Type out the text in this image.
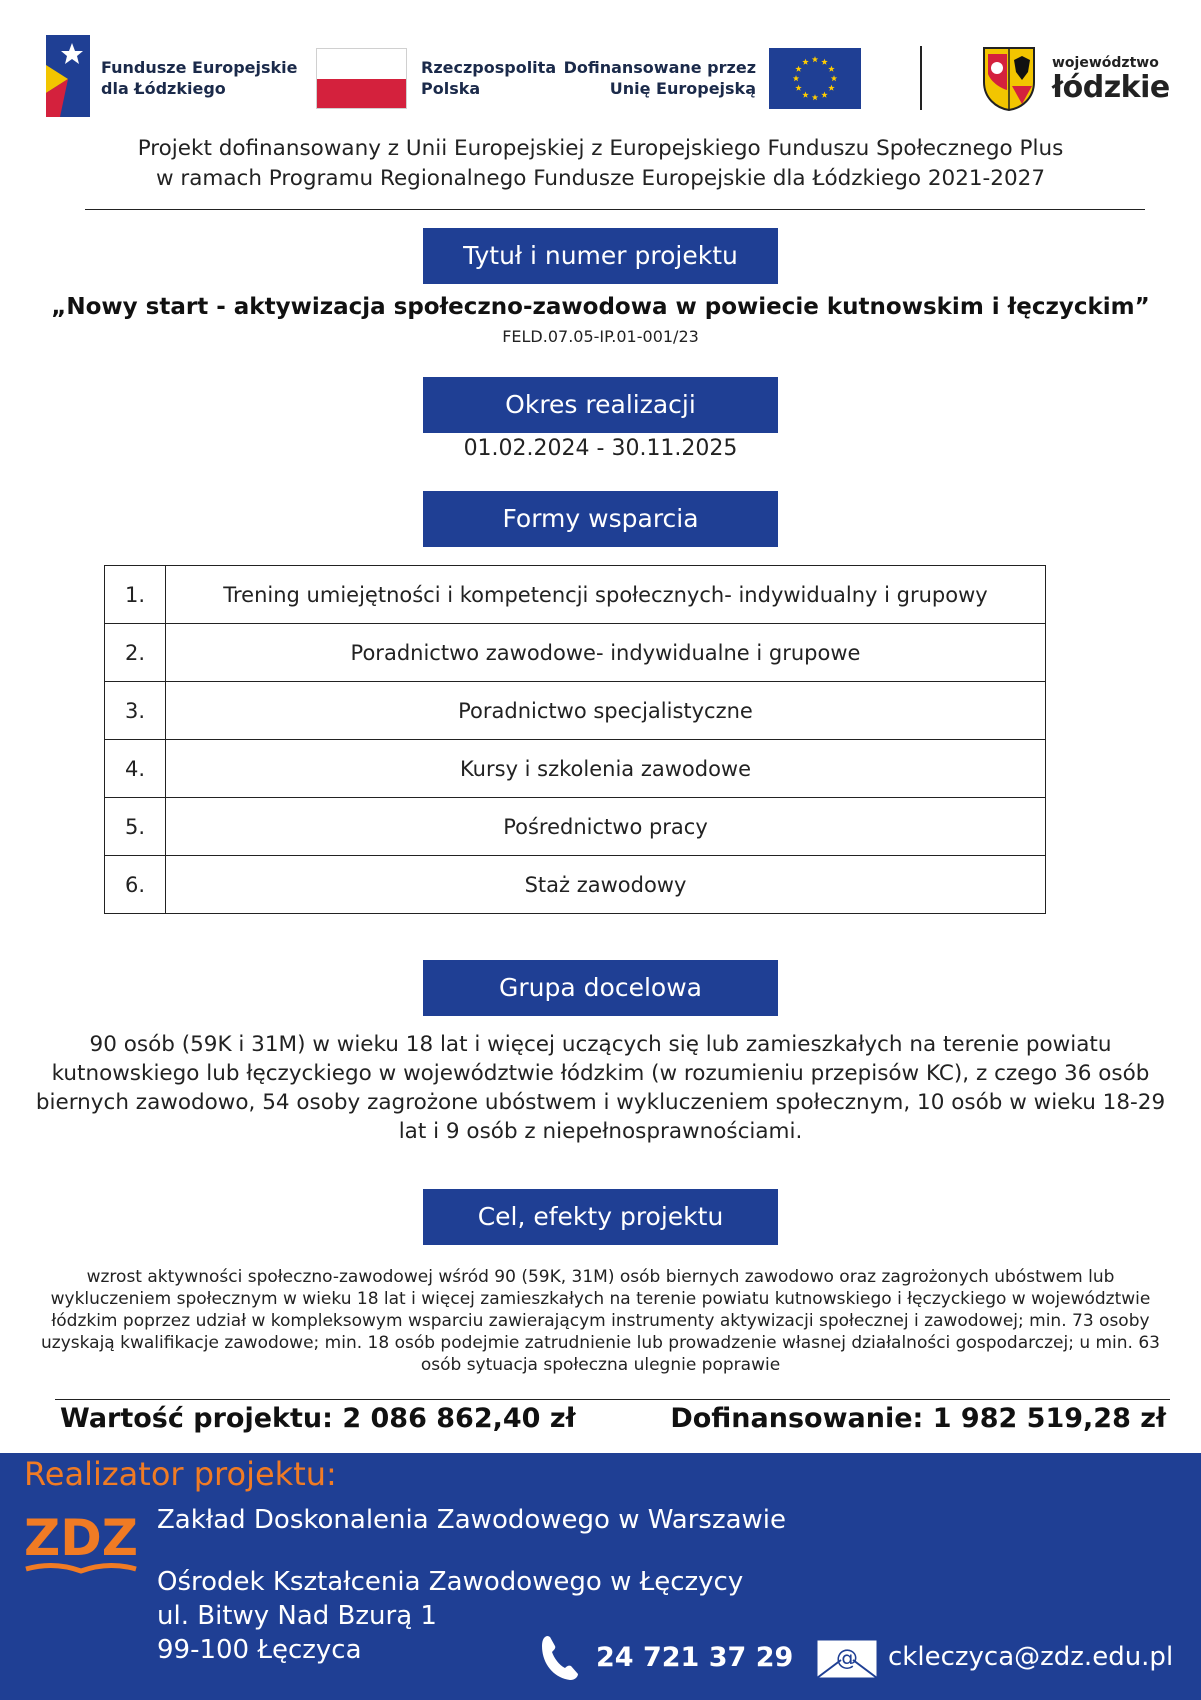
Fundusze Europejskie
dla Łódzkiego
Rzeczpospolita
Polska
Dofinansowane przez
Unię Europejską
województwo
łódzkie
Projekt dofinansowany z Unii Europejskiej z Europejskiego Funduszu Społecznego Plus
w ramach Programu Regionalnego Fundusze Europejskie dla Łódzkiego 2021-2027
Tytuł i numer projektu
„Nowy start - aktywizacja społeczno-zawodowa w powiecie kutnowskim i łęczyckim”
FELD.07.05-IP.01-001/23
Okres realizacji
01.02.2024 - 30.11.2025
Formy wsparcia
1.	Trening umiejętności i kompetencji społecznych- indywidualny i grupowy
2.	Poradnictwo zawodowe- indywidualne i grupowe
3.	Poradnictwo specjalistyczne
4.	Kursy i szkolenia zawodowe
5.	Pośrednictwo pracy
6.	Staż zawodowy
Grupa docelowa
90 osób (59K i 31M) w wieku 18 lat i więcej uczących się lub zamieszkałych na terenie powiatu kutnowskiego lub łęczyckiego w województwie łódzkim (w rozumieniu przepisów KC), z czego 36 osób biernych zawodowo, 54 osoby zagrożone ubóstwem i wykluczeniem społecznym, 10 osób w wieku 18-29 lat i 9 osób z niepełnosprawnościami.
Cel, efekty projektu
wzrost aktywności społeczno-zawodowej wśród 90 (59K, 31M) osób biernych zawodowo oraz zagrożonych ubóstwem lub wykluczeniem społecznym w wieku 18 lat i więcej zamieszkałych na terenie powiatu kutnowskiego i łęczyckiego w województwie łódzkim poprzez udział w kompleksowym wsparciu zawierającym instrumenty aktywizacji społecznej i zawodowej; min. 73 osoby uzyskają kwalifikacje zawodowe; min. 18 osób podejmie zatrudnienie lub prowadzenie własnej działalności gospodarczej; u min. 63 osób sytuacja społeczna ulegnie poprawie
Wartość projektu: 2 086 862,40 zł	Dofinansowanie: 1 982 519,28 zł
Realizator projektu:
ZDZ Zakład Doskonalenia Zawodowego w Warszawie
Ośrodek Kształcenia Zawodowego w Łęczycy
ul. Bitwy Nad Bzurą 1
99-100 Łęczyca	24 721 37 29 @ ckleczyca@zdz.edu.pl
